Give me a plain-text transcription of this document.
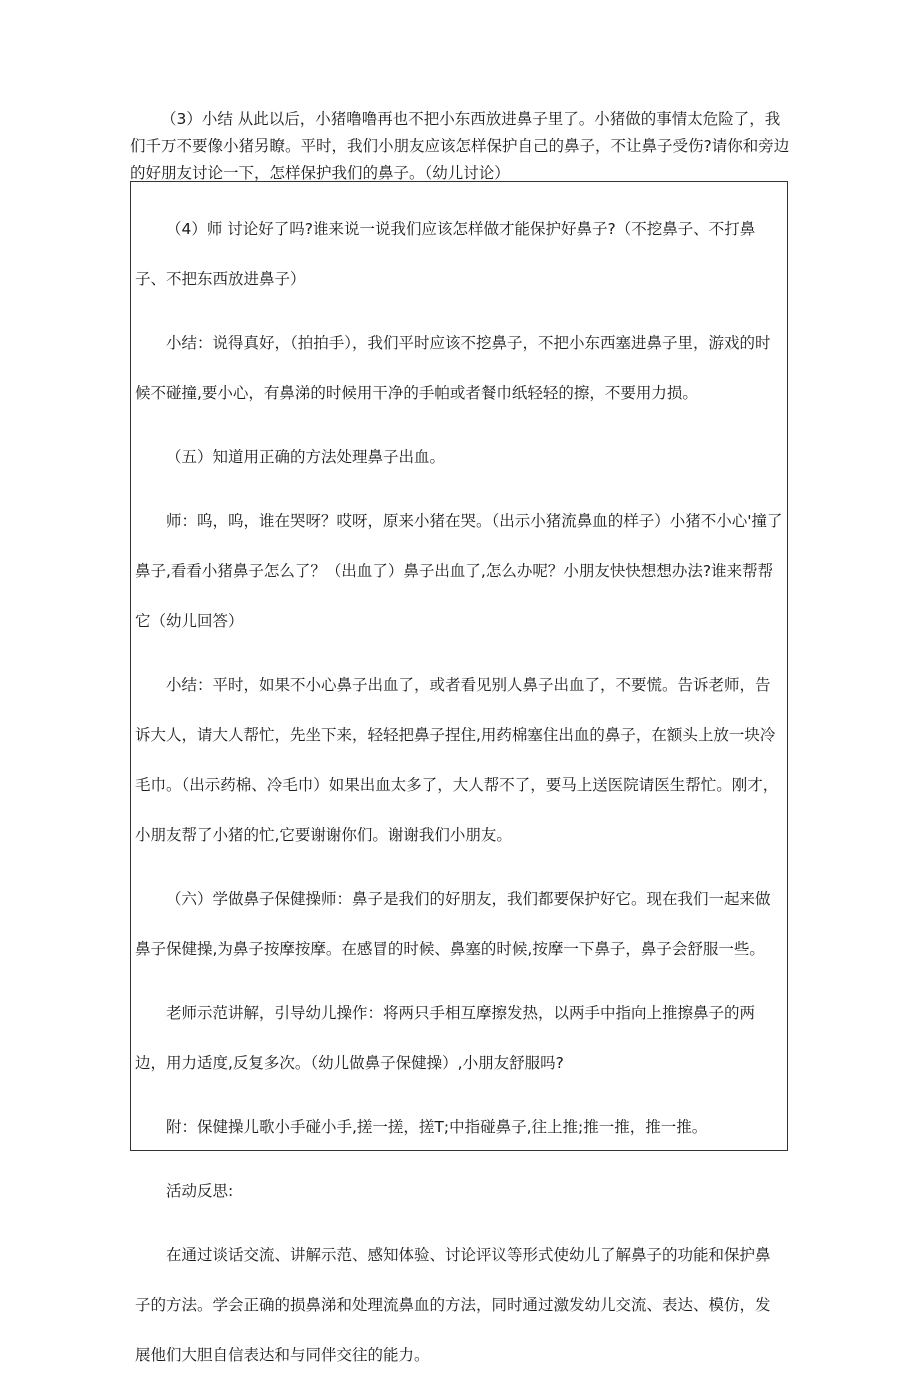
（3）小结 从此以后，小猪噜噜再也不把小东西放进鼻子里了。小猪做的事情太危险了，我们千万不要像小猪另瞭。平时，我们小朋友应该怎样保护自己的鼻子，不让鼻子受伤?请你和旁边的好朋友讨论一下，怎样保护我们的鼻子。（幼儿讨论）

（4）师 讨论好了吗?谁来说一说我们应该怎样做才能保护好鼻子?（不挖鼻子、不打鼻子、不把东西放进鼻子）

小结：说得真好，（拍拍手），我们平时应该不挖鼻子，不把小东西塞进鼻子里，游戏的时候不碰撞,要小心，有鼻涕的时候用干净的手帕或者餐巾纸轻轻的擦，不要用力损。

（五）知道用正确的方法处理鼻子出血。

师：呜，呜，谁在哭呀？哎呀，原来小猪在哭。（出示小猪流鼻血的样子）小猪不小心'撞了鼻子,看看小猪鼻子怎么了？（出血了）鼻子出血了,怎么办呢？小朋友快快想想办法?谁来帮帮它（幼儿回答）

小结：平时，如果不小心鼻子出血了，或者看见别人鼻子出血了，不要慌。告诉老师，告诉大人，请大人帮忙，先坐下来，轻轻把鼻子捏住,用药棉塞住出血的鼻子，在额头上放一块冷毛巾。（出示药棉、冷毛巾）如果出血太多了，大人帮不了，要马上送医院请医生帮忙。刚才，小朋友帮了小猪的忙,它要谢谢你们。谢谢我们小朋友。

（六）学做鼻子保健操师：鼻子是我们的好朋友，我们都要保护好它。现在我们一起来做鼻子保健操,为鼻子按摩按摩。在感冒的时候、鼻塞的时候,按摩一下鼻子，鼻子会舒服一些。

老师示范讲解，引导幼儿操作：将两只手相互摩擦发热，以两手中指向上推擦鼻子的两边，用力适度,反复多次。（幼儿做鼻子保健操）,小朋友舒服吗?

附：保健操儿歌小手碰小手,搓一搓，搓T;中指碰鼻子,往上推;推一推，推一推。

活动反思:

在通过谈话交流、讲解示范、感知体验、讨论评议等形式使幼儿了解鼻子的功能和保护鼻子的方法。学会正确的损鼻涕和处理流鼻血的方法，同时通过激发幼儿交流、表达、模仿，发展他们大胆自信表达和与同伴交往的能力。
